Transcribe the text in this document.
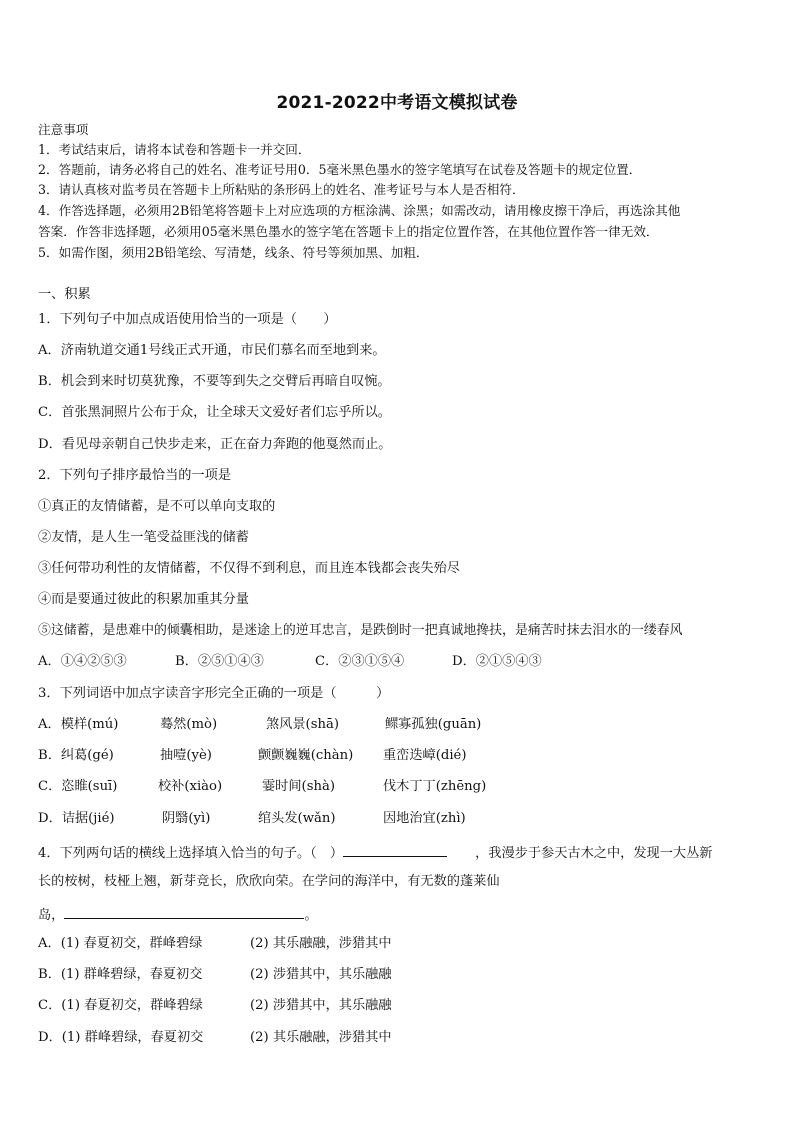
2021-2022中考语文模拟试卷
注意事项
1．考试结束后，请将本试卷和答题卡一并交回．
2．答题前，请务必将自己的姓名、准考证号用0．5毫米黑色墨水的签字笔填写在试卷及答题卡的规定位置．
3．请认真核对监考员在答题卡上所粘贴的条形码上的姓名、准考证号与本人是否相符．
4．作答选择题，必须用2B铅笔将答题卡上对应选项的方框涂满、涂黑；如需改动，请用橡皮擦干净后，再选涂其他
答案．作答非选择题，必须用05毫米黑色墨水的签字笔在答题卡上的指定位置作答，在其他位置作答一律无效．
5．如需作图，须用2B铅笔绘、写清楚，线条、符号等须加黑、加粗．
一、积累
1．下列句子中加点成语使用恰当的一项是（　　）
A．济南轨道交通1号线正式开通，市民们慕名而至地到来。
B．机会到来时切莫犹豫，不要等到失之交臂后再暗自叹惋。
C．首张黑洞照片公布于众，让全球天文爱好者们忘乎所以。
D．看见母亲朝自己快步走来，正在奋力奔跑的他戛然而止。
2．下列句子排序最恰当的一项是
①真正的友情储蓄，是不可以单向支取的
②友情，是人生一笔受益匪浅的储蓄
③任何带功利性的友情储蓄，不仅得不到利息，而且连本钱都会丧失殆尽
④而是要通过彼此的积累加重其分量
⑤这储蓄，是患难中的倾囊相助，是迷途上的逆耳忠言，是跌倒时一把真诚地搀扶，是痛苦时抹去泪水的一缕春风
A．①④②⑤③	B．②⑤①④③	C．②③①⑤④	D．②①⑤④③
3．下列词语中加点字读音字形完全正确的一项是（　　　）
A．模样(mú)	蓦然(mò)	煞风景(shā)	鳏寡孤独(guān)
B．纠葛(gé)	抽噎(yè)	颤颤巍巍(chàn) 重峦迭嶂(dié)
C．恣睢(suī)	校补(xiào)	霎时间(shà)	伐木丁丁(zhēng)
D．诘据(jié)	阴翳(yì)	绾头发(wǎn)	因地治宜(zhì)
4．下列两句话的横线上选择填入恰当的句子。（　）	，我漫步于参天古木之中，发现一大丛新
长的桉树，枝桠上翘，新芽竞长，欣欣向荣。在学问的海洋中，有无数的蓬莱仙
岛，	。
A．(1) 春夏初交，群峰碧绿	(2) 其乐融融，涉猎其中
B．(1) 群峰碧绿，春夏初交	(2) 涉猎其中，其乐融融
C．(1) 春夏初交，群峰碧绿	(2) 涉猎其中，其乐融融
D．(1) 群峰碧绿，春夏初交	(2) 其乐融融，涉猎其中
